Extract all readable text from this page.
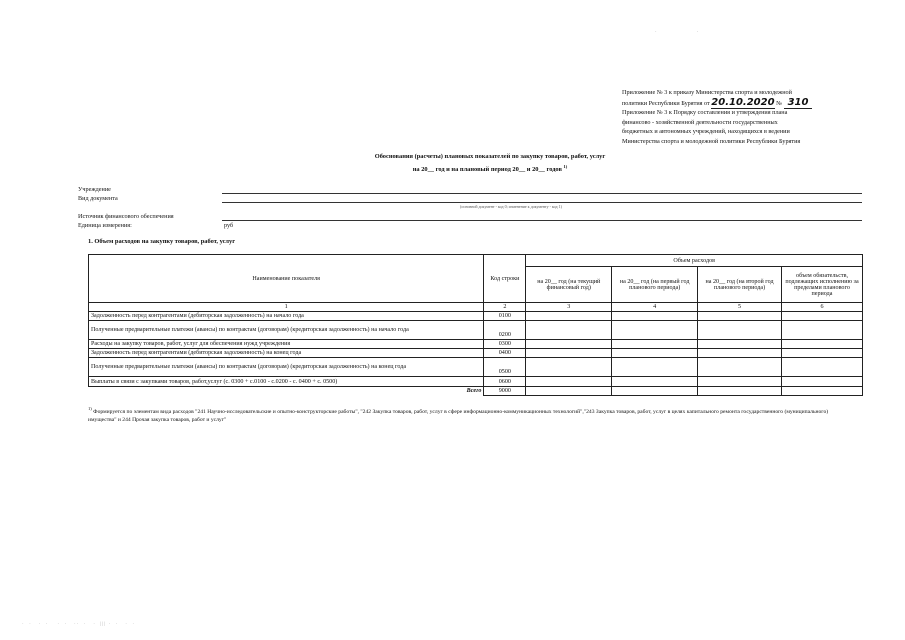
·                                ·
Приложение № 3 к приказу Министерства спорта и молодежной
политики Республики Бурятия от 20.10.2020 № 310
Приложение № 3 к Порядку составления и утверждения плана
финансово - хозяйственной деятельности государственных
бюджетных и автономных учреждений, находящихся в ведении
Министерства спорта и молодежной политики Республики Бурятия
Обоснования (расчеты) плановых показателей по закупку товаров, работ, услуг
на 20__ год и на плановый период 20__ и 20__ годов $^{1)}$
Учреждение
Вид документа
(основной документ - код 0; изменение к документу - код 1)
Источник финансового обеспечения
Единица измерения:	руб
1. Объем расходов на закупку товаров, работ, услуг
Наименование показателя	Код строки	Объем расходов			
		на 20__ год (на текущий финансовый год)	на 20__ год (на первый год планового периода)	на 20__ год (на второй год планового периода)	объем обязательств, подлежащих исполнению за пределами планового периода
1	2	3	4	5	6
Задолженность перед контрагентами (дебиторская задолженность) на начало года	0100				
Полученные предварительные платежи (авансы) по контрактам (договорам) (кредиторская задолженность) на начало года	0200				
Расходы на закупку товаров, работ, услуг для обеспечения нужд учреждения	0300				
Задолженность перед контрагентами (дебиторская задолженность) на конец года	0400				
Полученные предварительные платежи (авансы) по контрактам (договорам) (кредиторская задолженность) на конец года	0500				
Выплаты в связи с закупками товаров, работ,услуг (с. 0300 + с.0100 - с.0200 - с. 0400 + с. 0500)	0600				
Всего	9000				
$^{1)}$ Формируется по элементам вида расходов "241 Научно-исследовательские и опытно-конструкторские работы", "242 Закупка товаров, работ, услуг в сфере информационно-коммуникационных технологий","243 Закупка товаров, работ, услуг в целях капитального ремонта государственного (муниципального) имущества" и 244 Прочая закупка товаров, работ и услуг"
·  ·   ·  ·    ·  ·   ··  ·   ·  ||| ·  ·   ·  ·
